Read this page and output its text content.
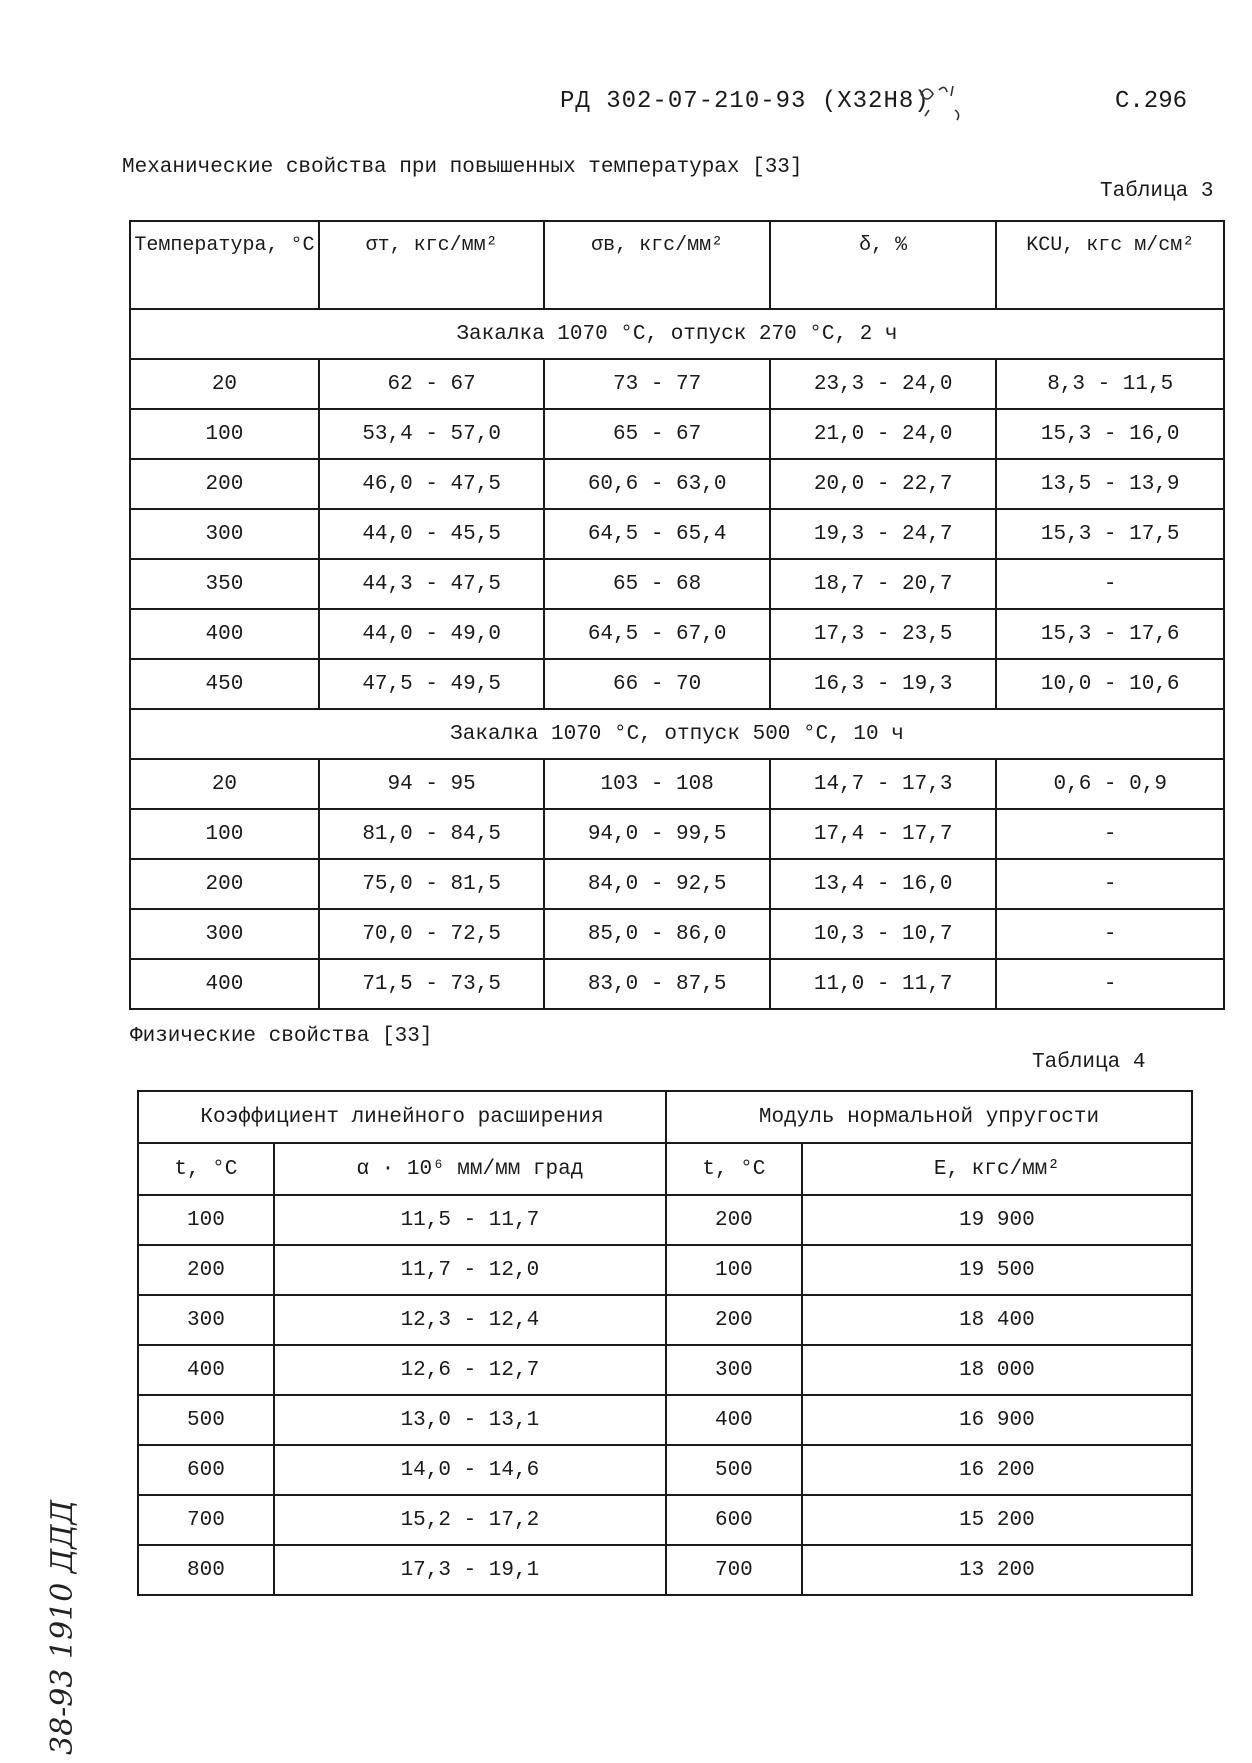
РД 302-07-210-93 (Х32Н8)	С.296
Механические свойства при повышенных температурах [33]
Таблица 3
Температура, °С	σт, кгс/мм²	σв, кгс/мм²	δ, %	KCU, кгс м/см²
Закалка 1070 °С, отпуск 270 °С, 2 ч				
20	62 - 67	73 - 77	23,3 - 24,0	8,3 - 11,5
100	53,4 - 57,0	65 - 67	21,0 - 24,0	15,3 - 16,0
200	46,0 - 47,5	60,6 - 63,0	20,0 - 22,7	13,5 - 13,9
300	44,0 - 45,5	64,5 - 65,4	19,3 - 24,7	15,3 - 17,5
350	44,3 - 47,5	65 - 68	18,7 - 20,7	-
400	44,0 - 49,0	64,5 - 67,0	17,3 - 23,5	15,3 - 17,6
450	47,5 - 49,5	66 - 70	16,3 - 19,3	10,0 - 10,6
Закалка 1070 °С, отпуск 500 °С, 10 ч				
20	94 - 95	103 - 108	14,7 - 17,3	0,6 - 0,9
100	81,0 - 84,5	94,0 - 99,5	17,4 - 17,7	-
200	75,0 - 81,5	84,0 - 92,5	13,4 - 16,0	-
300	70,0 - 72,5	85,0 - 86,0	10,3 - 10,7	-
400	71,5 - 73,5	83,0 - 87,5	11,0 - 11,7	-
Физические свойства [33]
Таблица 4
Коэффициент линейного расширения		Модуль нормальной упругости	
t, °С	α · 10⁶ мм/мм град	t, °С	Е, кгс/мм²
100	11,5 - 11,7	200	19 900
200	11,7 - 12,0	100	19 500
300	12,3 - 12,4	200	18 400
400	12,6 - 12,7	300	18 000
500	13,0 - 13,1	400	16 900
600	14,0 - 14,6	500	16 200
700	15,2 - 17,2	600	15 200
800	17,3 - 19,1	700	13 200
38-93 1910 ДДД
